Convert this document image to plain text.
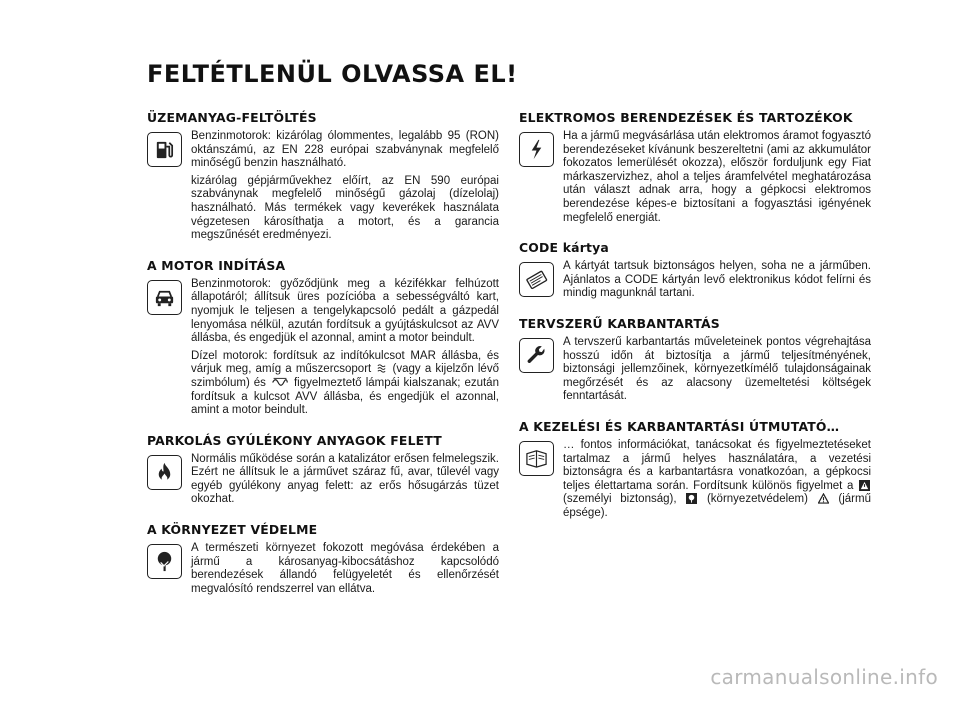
FELTÉTLENÜL OLVASSA EL!
ÜZEMANYAG-FELTÖLTÉS

Benzinmotorok: kizárólag ólommentes, legalább 95 (RON) oktánszámú, az EN 228 európai szabványnak megfelelő minőségű benzin használható.

kizárólag gépjárművekhez előírt, az EN 590 európai szabványnak megfelelő minőségű gázolaj (dízelolaj) használható. Más termékek vagy keverékek használata végzetesen károsíthatja a motort, és a garancia megszűnését eredményezi.

A MOTOR INDÍTÁSA

Benzinmotorok: győződjünk meg a kézifékkar felhúzott állapotáról; állítsuk üres pozícióba a sebességváltó kart, nyomjuk le teljesen a tengelykapcsoló pedált a gázpedál lenyomása nélkül, azután fordítsuk a gyújtáskulcsot az AVV állásba, és engedjük el azonnal, amint a motor beindult.

Dízel motorok: fordítsuk az indítókulcsot MAR állásba, és várjuk meg, amíg a műszercsoport (vagy a kijelzőn lévő szimbólum) és figyelmeztető lámpái kialszanak; ezután fordítsuk a kulcsot AVV állásba, és engedjük el azonnal, amint a motor beindult.

PARKOLÁS GYÚLÉKONY ANYAGOK FELETT

Normális működése során a katalizátor erősen felmelegszik. Ezért ne állítsuk le a járművet száraz fű, avar, tűlevél vagy egyéb gyúlékony anyag felett: az erős hősugárzás tüzet okozhat.

A KÖRNYEZET VÉDELME

A természeti környezet fokozott megóvása érdekében a jármű a károsanyag-kibocsátáshoz kapcsolódó berendezések állandó felügyeletét és ellenőrzését megvalósító rendszerrel van ellátva.

ELEKTROMOS BERENDEZÉSEK ÉS TARTOZÉKOK

Ha a jármű megvásárlása után elektromos áramot fogyasztó berendezéseket kívánunk beszereltetni (ami az akkumulátor fokozatos lemerülését okozza), először forduljunk egy Fiat márkaszervizhez, ahol a teljes áramfelvétel meghatározása után választ adnak arra, hogy a gépkocsi elektromos berendezése képes-e biztosítani a fogyasztási igényének megfelelő energiát.

CODE kártya

A kártyát tartsuk biztonságos helyen, soha ne a járműben. Ajánlatos a CODE kártyán levő elektronikus kódot felírni és mindig magunknál tartani.

TERVSZERŰ KARBANTARTÁS

A tervszerű karbantartás műveleteinek pontos végrehajtása hosszú időn át biztosítja a jármű teljesítményének, biztonsági jellemzőinek, környezetkímélő tulajdonságainak megőrzését és az alacsony üzemeltetési költségek fenntartását.

A KEZELÉSI ÉS KARBANTARTÁSI ÚTMUTATÓ…

… fontos információkat, tanácsokat és figyelmeztetéseket tartalmaz a jármű helyes használatára, a vezetési biztonságra és a karbantartásra vonatkozóan, a gépkocsi teljes élettartama során. Fordítsunk különös figyelmet a  (személyi biztonság),	(környezetvédelem)	(jármű épsége).

carmanualsonline.info
